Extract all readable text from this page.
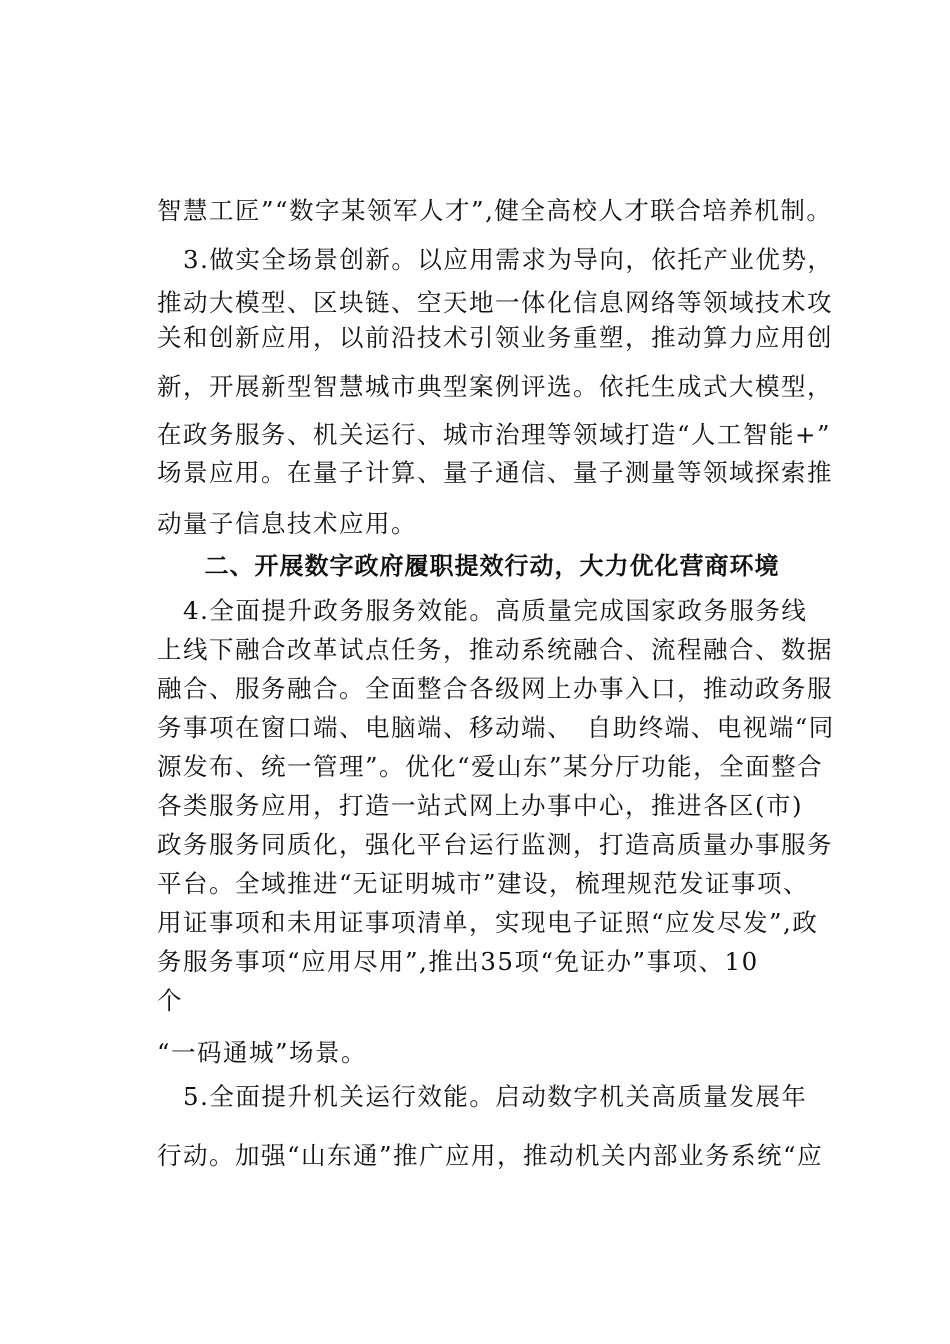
智慧工匠”“数字某领军人才”,健全高校人才联合培养机制。
　3.做实全场景创新。以应用需求为导向，依托产业优势，
推动大模型、区块链、空天地一体化信息网络等领域技术攻
关和创新应用，以前沿技术引领业务重塑，推动算力应用创
新，开展新型智慧城市典型案例评选。依托生成式大模型，
在政务服务、机关运行、城市治理等领域打造“人工智能+”
场景应用。在量子计算、量子通信、量子测量等领域探索推
动量子信息技术应用。
二、开展数字政府履职提效行动，大力优化营商环境
　4.全面提升政务服务效能。高质量完成国家政务服务线
上线下融合改革试点任务，推动系统融合、流程融合、数据
融合、服务融合。全面整合各级网上办事入口，推动政务服
务事项在窗口端、电脑端、移动端、　自助终端、电视端“同
源发布、统一管理”。优化“爱山东”某分厅功能，全面整合
各类服务应用，打造一站式网上办事中心，推进各区(市)
政务服务同质化，强化平台运行监测，打造高质量办事服务
平台。全域推进“无证明城市”建设，梳理规范发证事项、
用证事项和未用证事项清单，实现电子证照“应发尽发”,政
务服务事项“应用尽用”,推出35项“免证办”事项、10
个
“一码通城”场景。
　5.全面提升机关运行效能。启动数字机关高质量发展年
行动。加强“山东通”推广应用，推动机关内部业务系统“应
